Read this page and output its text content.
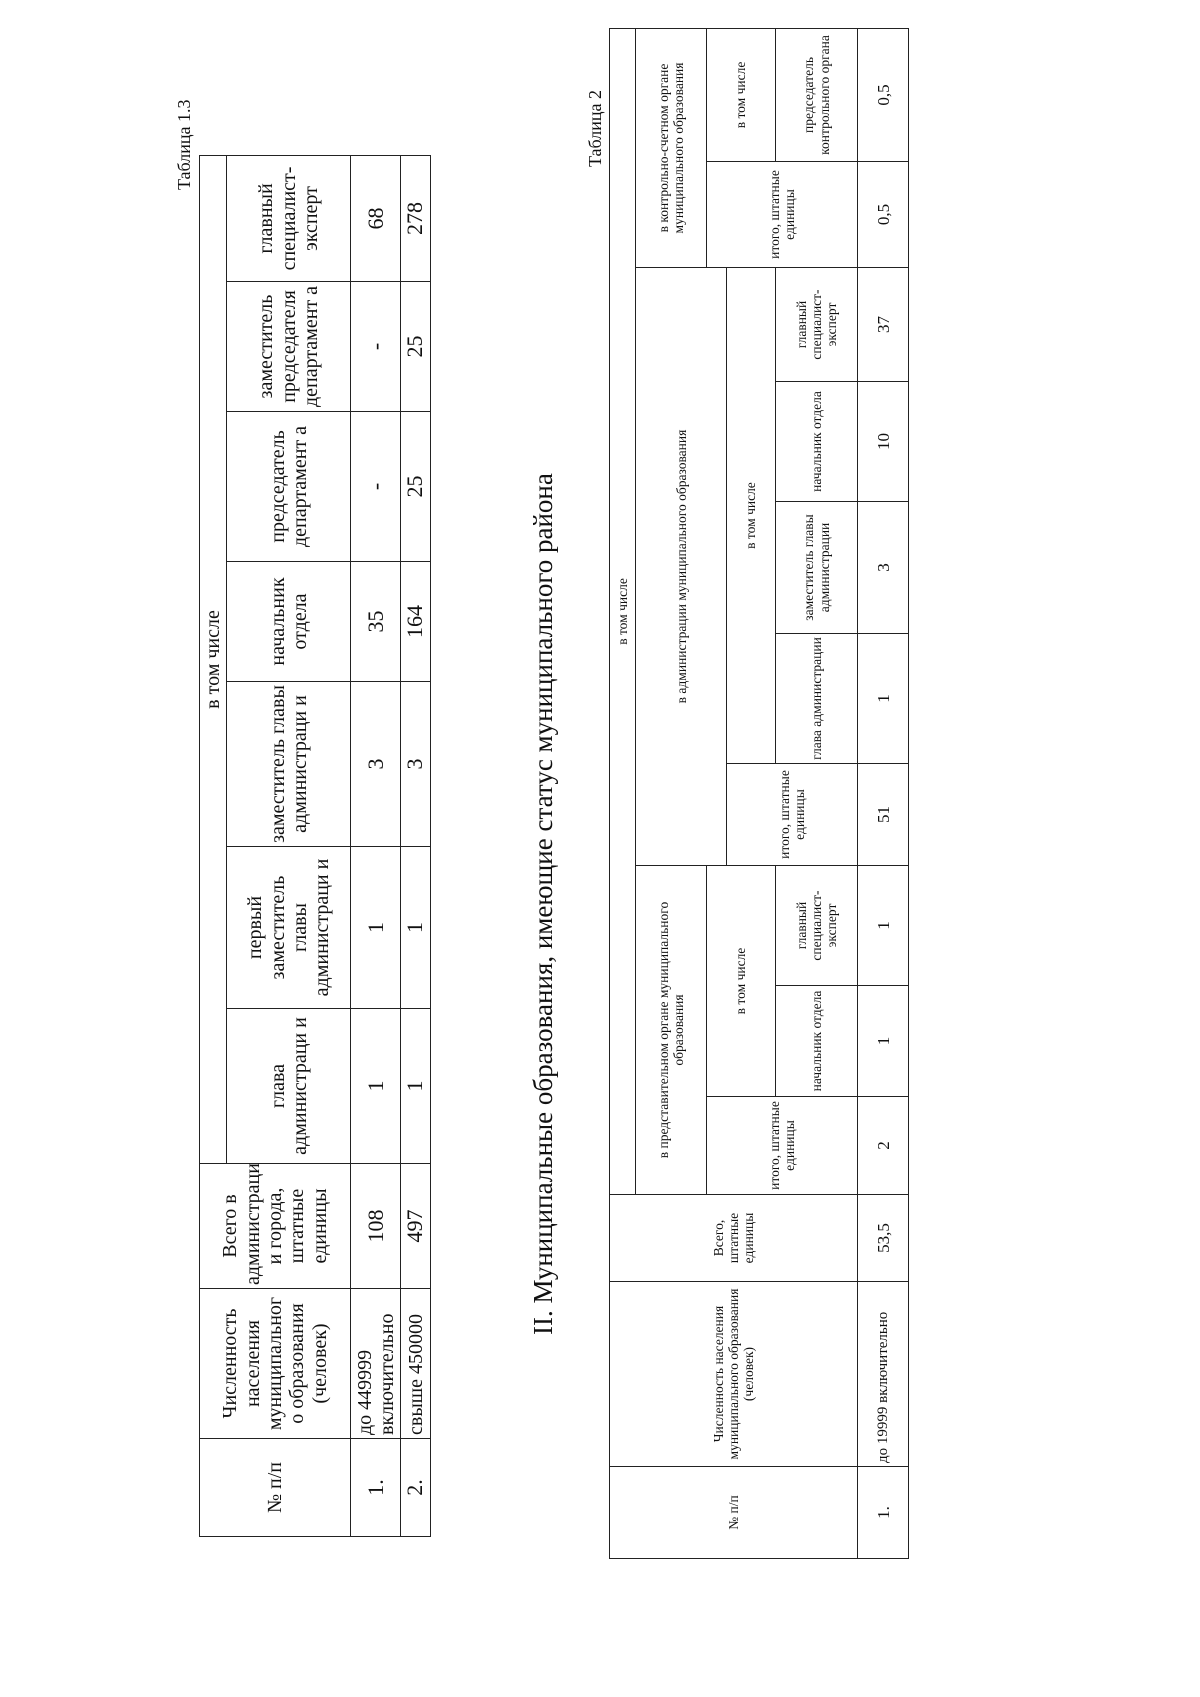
Таблица 1.3
№ п/п	Численность населения муниципальног о образования (человек)	Всего в администраци и города, штатные единицы	в том числе						
			глава администраци и	первый заместитель главы администраци и	заместитель главы администраци и	начальник отдела	председатель департамент а	заместитель председателя департамент а	главный специалист-эксперт
1.	до 449999 включительно	108	1	1	3	35	-	-	68
2.	свыше 450000	497	1	1	3	164	25	25	278
II. Муниципальные образования, имеющие статус муниципального района
Таблица 2
№ п/п	Численность населения муниципального образования (человек)	Всего, штатные единицы	в том числе									
			в представительном органе муниципального образования			в администрации муниципального образования					в контрольно-счетном органе муниципального образования	
			итого, штатные единицы	в том числе							итого, штатные единицы	в том числе
						итого, штатные единицы	в том числе					
				начальник отдела	главный специалист-эксперт		глава администрации	заместитель главы администрации	начальник отдела	главный специалист-эксперт		председатель контрольного органа
1.	до 19999 включительно	53,5	2	1	1	51	1	3	10	37	0,5	0,5
